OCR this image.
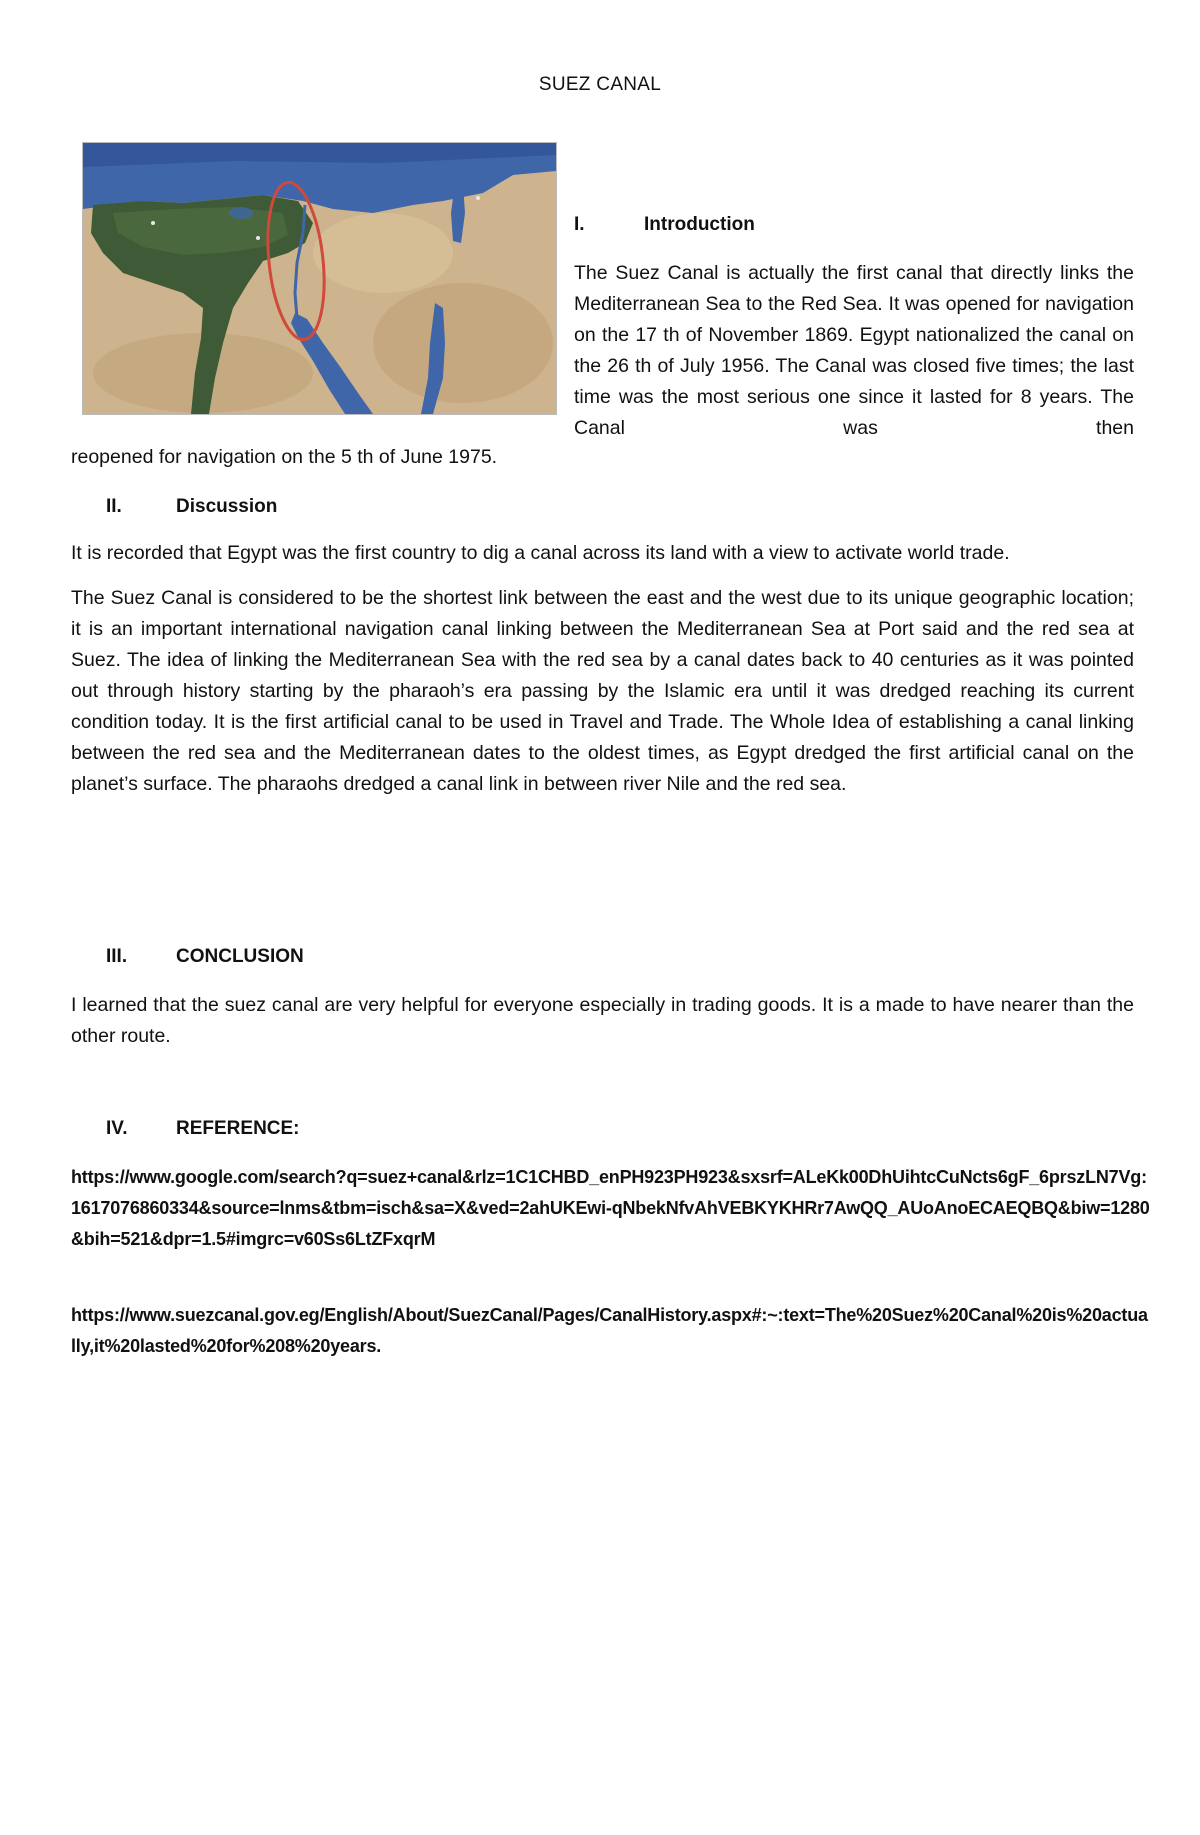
SUEZ CANAL
I.	Introduction
The Suez Canal is actually the first canal that directly links the Mediterranean Sea to the Red Sea. It was opened for navigation on the 17 th of November 1869. Egypt nationalized the canal on the 26 th of July 1956. The Canal was closed five times; the last time was the most serious one since it lasted for 8 years. The Canal was then
reopened for navigation on the 5 th of June 1975.
II.	Discussion
It is recorded that Egypt was the first country to dig a canal across its land with a view to activate world trade.
The Suez Canal is considered to be the shortest link between the east and the west due to its unique geographic location; it is an important international navigation canal linking between the Mediterranean Sea at Port said and the red sea at Suez. The idea of linking the Mediterranean Sea with the red sea by a canal dates back to 40 centuries as it was pointed out through history starting by the pharaoh’s era passing by the Islamic era until it was dredged reaching its current condition today. It is the first artificial canal to be used in Travel and Trade. The Whole Idea of establishing a canal linking between the red sea and the Mediterranean dates to the oldest times, as Egypt dredged the first artificial canal on the planet’s surface. The pharaohs dredged a canal link in between river Nile and the red sea.
III.	CONCLUSION
I learned that the suez canal are very helpful for everyone especially in trading goods. It is a made to have nearer than the other route.
IV.	REFERENCE:
https://www.google.com/search?q=suez+canal&rlz=1C1CHBD_enPH923PH923&sxsrf=ALeKk00DhUihtcCuNcts6gF_6prszLN7Vg:1617076860334&source=lnms&tbm=isch&sa=X&ved=2ahUKEwi-qNbekNfvAhVEBKYKHRr7AwQQ_AUoAnoECAEQBQ&biw=1280&bih=521&dpr=1.5#imgrc=v60Ss6LtZFxqrM
https://www.suezcanal.gov.eg/English/About/SuezCanal/Pages/CanalHistory.aspx#:~:text=The%20Suez%20Canal%20is%20actually,it%20lasted%20for%208%20years.
